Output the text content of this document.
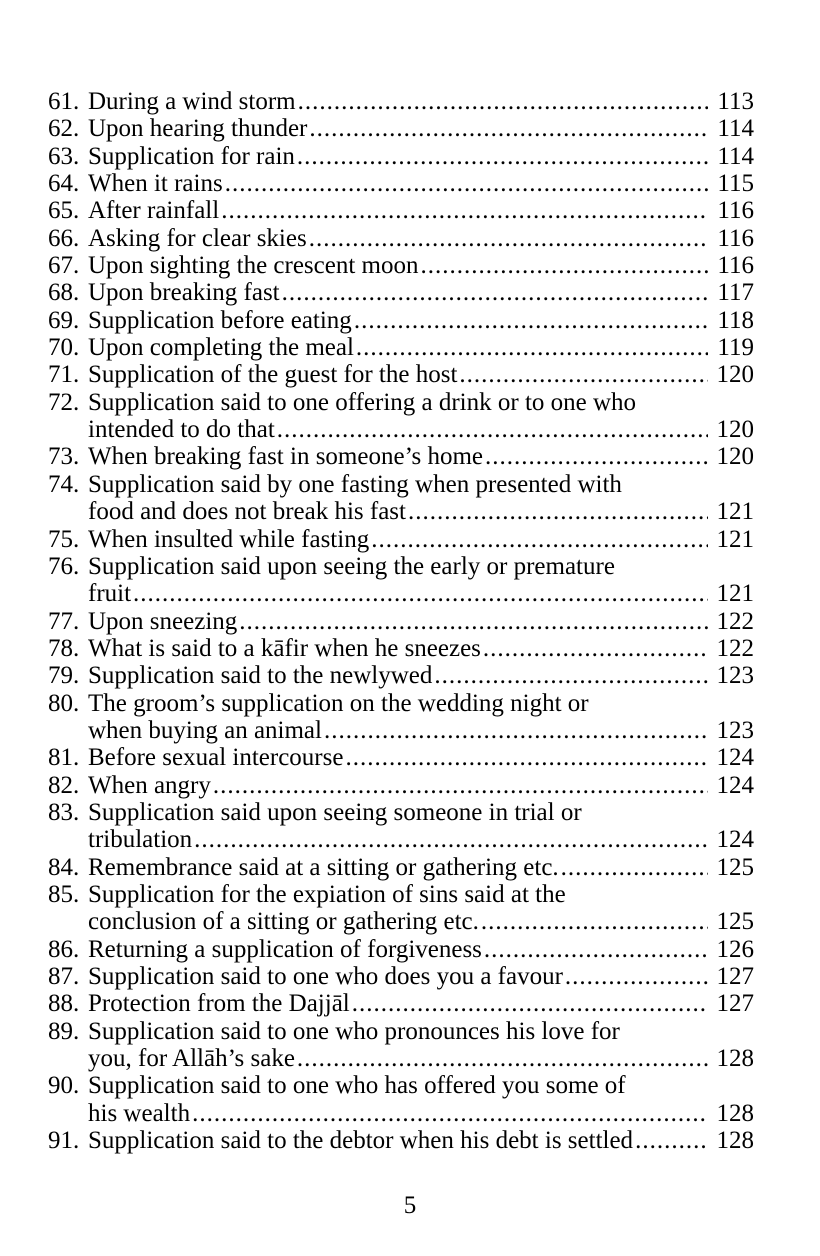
61. During a wind storm .....	113
62. Upon hearing thunder .....	114
63. Supplication for rain .....	114
64. When it rains .....	115
65. After rainfall .....	116
66. Asking for clear skies .....	116
67. Upon sighting the crescent moon .....	116
68. Upon breaking fast .....	117
69. Supplication before eating .....	118
70. Upon completing the meal .....	119
71. Supplication of the guest for the host .....	120
72. Supplication said to one offering a drink or to one who
intended to do that .....	120
73. When breaking fast in someone’s home .....	120
74. Supplication said by one fasting when presented with
food and does not break his fast .....	121
75. When insulted while fasting .....	121
76. Supplication said upon seeing the early or premature
fruit .....	121
77. Upon sneezing .....	122
78. What is said to a kāfir when he sneezes .....	122
79. Supplication said to the newlywed .....	123
80. The groom’s supplication on the wedding night or
when buying an animal .....	123
81. Before sexual intercourse .....	124
82. When angry .....	124
83. Supplication said upon seeing someone in trial or
tribulation .....	124
84. Remembrance said at a sitting or gathering etc. .....	125
85. Supplication for the expiation of sins said at the
conclusion of a sitting or gathering etc. .....	125
86. Returning a supplication of forgiveness .....	126
87. Supplication said to one who does you a favour .....	127
88. Protection from the Dajjāl .....	127
89. Supplication said to one who pronounces his love for
you, for Allāh’s sake .....	128
90. Supplication said to one who has offered you some of
his wealth .....	128
91. Supplication said to the debtor when his debt is settled .....	128
5
